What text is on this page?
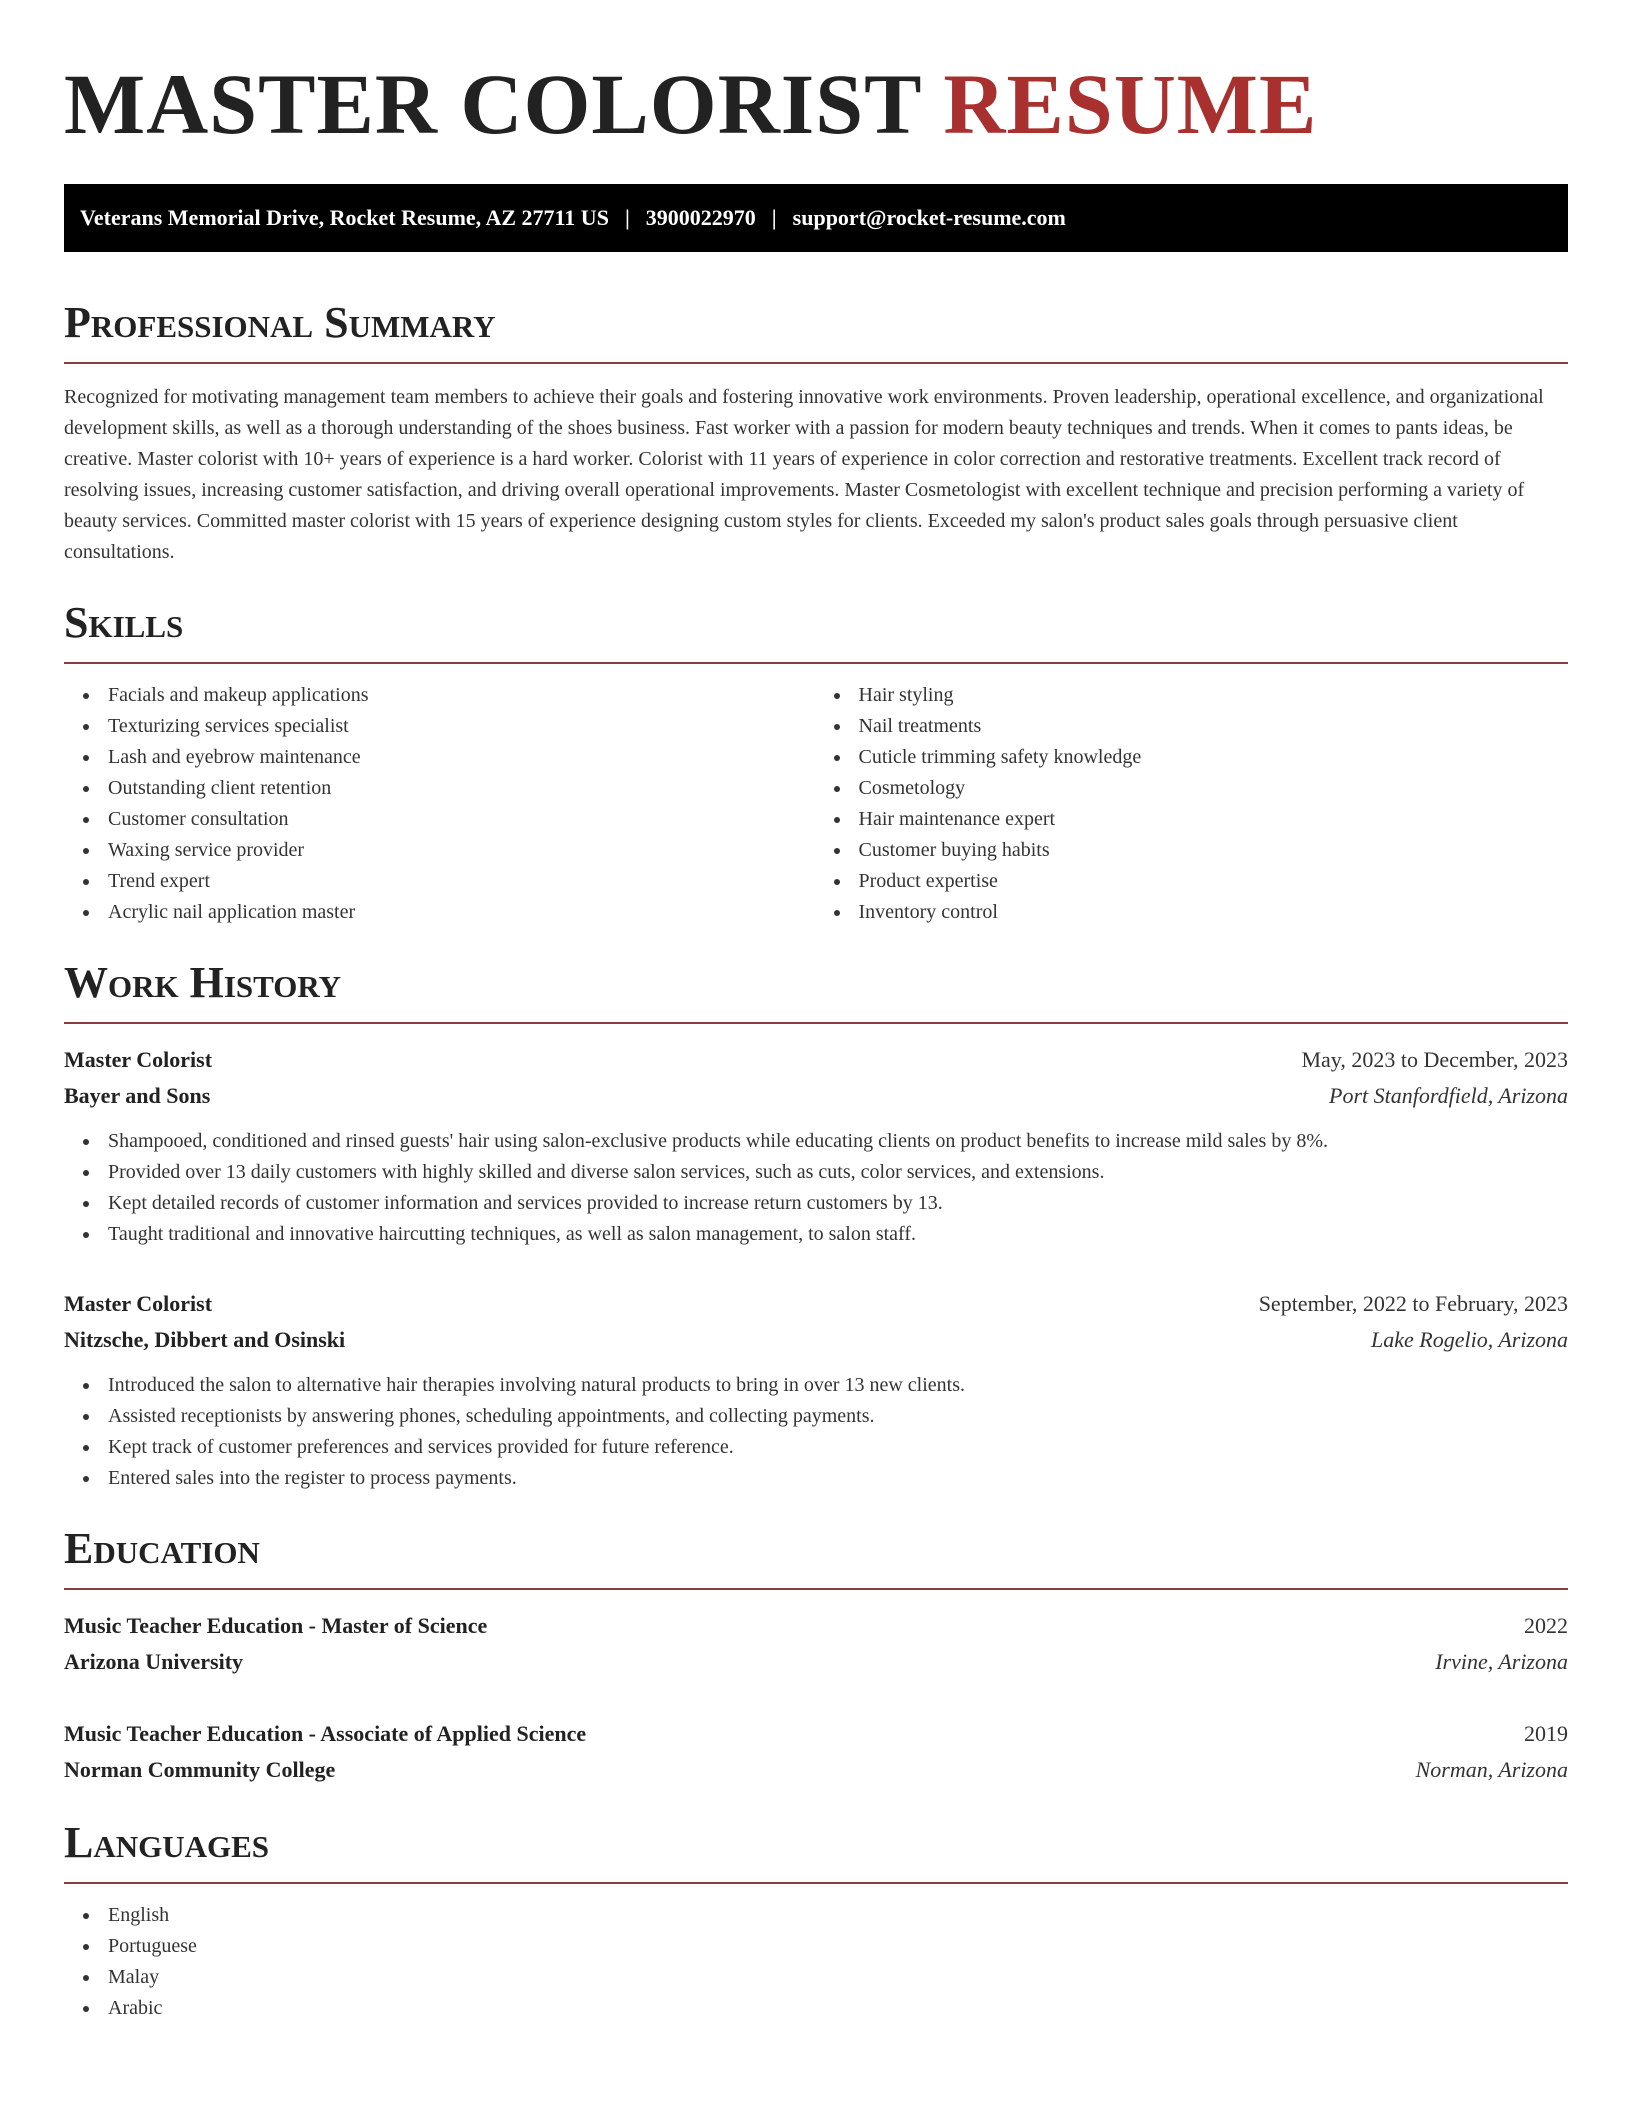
MASTER COLORIST RESUME
Veterans Memorial Drive, Rocket Resume, AZ 27711 US | 3900022970 | support@rocket-resume.com
Professional Summary

Recognized for motivating management team members to achieve their goals and fostering innovative work environments. Proven leadership, operational excellence, and organizational development skills, as well as a thorough understanding of the shoes business. Fast worker with a passion for modern beauty techniques and trends. When it comes to pants ideas, be creative. Master colorist with 10+ years of experience is a hard worker. Colorist with 11 years of experience in color correction and restorative treatments. Excellent track record of resolving issues, increasing customer satisfaction, and driving overall operational improvements. Master Cosmetologist with excellent technique and precision performing a variety of beauty services. Committed master colorist with 15 years of experience designing custom styles for clients. Exceeded my salon's product sales goals through persuasive client consultations.

Skills
Facials and makeup applications
Texturizing services specialist
Lash and eyebrow maintenance
Outstanding client retention
Customer consultation
Waxing service provider
Trend expert
Acrylic nail application master
Hair styling
Nail treatments
Cuticle trimming safety knowledge
Cosmetology
Hair maintenance expert
Customer buying habits
Product expertise
Inventory control
Work History
Master Colorist	May, 2023 to December, 2023
Bayer and Sons	Port Stanfordfield, Arizona
Shampooed, conditioned and rinsed guests' hair using salon-exclusive products while educating clients on product benefits to increase mild sales by 8%.
Provided over 13 daily customers with highly skilled and diverse salon services, such as cuts, color services, and extensions.
Kept detailed records of customer information and services provided to increase return customers by 13.
Taught traditional and innovative haircutting techniques, as well as salon management, to salon staff.
Master Colorist	September, 2022 to February, 2023
Nitzsche, Dibbert and Osinski	Lake Rogelio, Arizona
Introduced the salon to alternative hair therapies involving natural products to bring in over 13 new clients.
Assisted receptionists by answering phones, scheduling appointments, and collecting payments.
Kept track of customer preferences and services provided for future reference.
Entered sales into the register to process payments.
Education
Music Teacher Education - Master of Science	2022
Arizona University	Irvine, Arizona
Music Teacher Education - Associate of Applied Science	2019
Norman Community College	Norman, Arizona
Languages
English
Portuguese
Malay
Arabic
